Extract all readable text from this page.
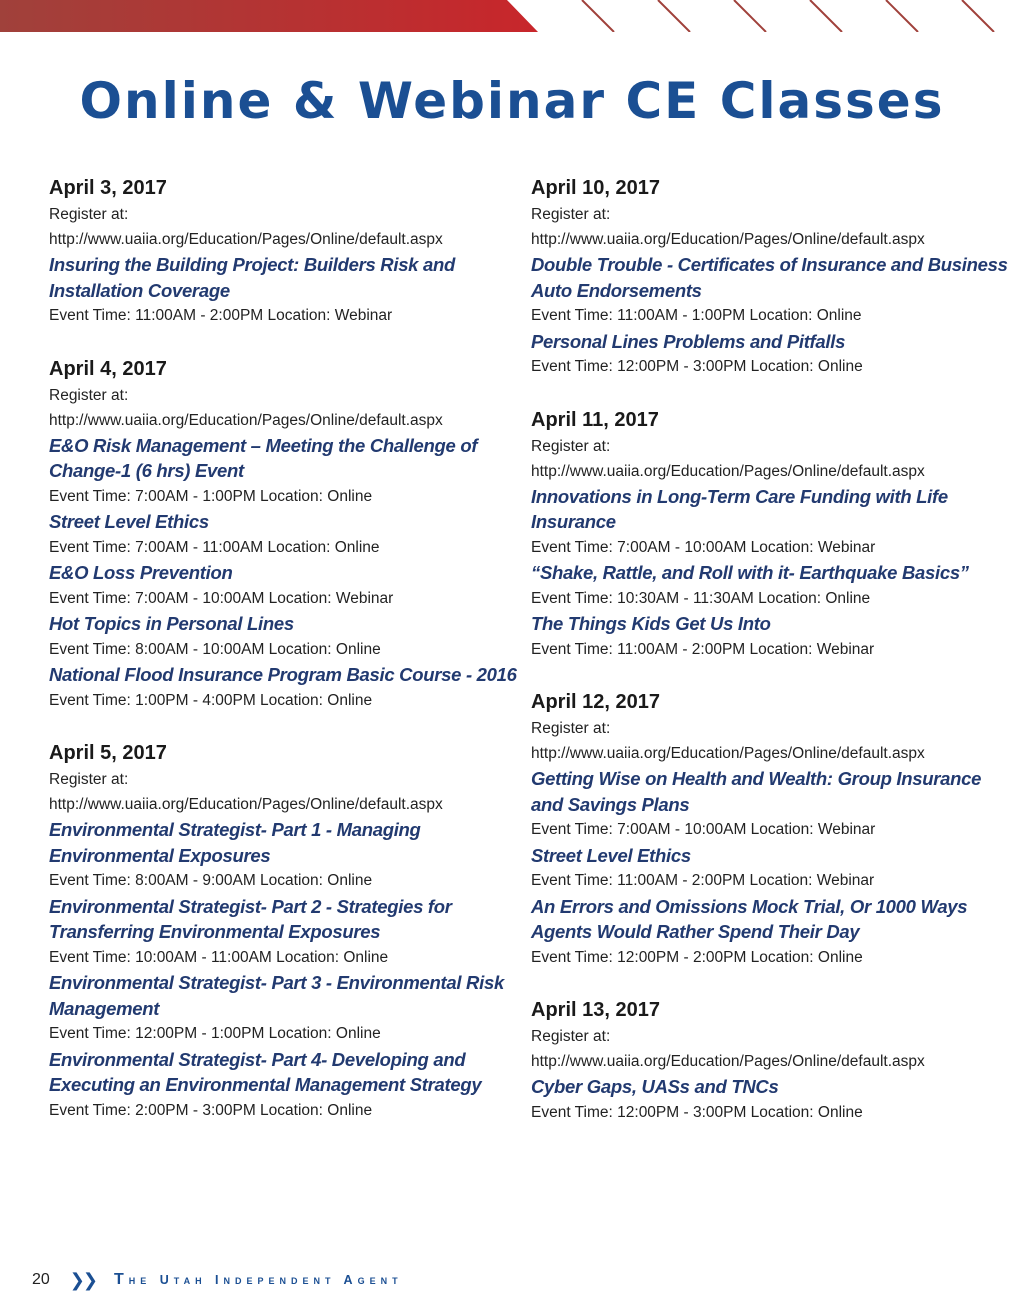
Online & Webinar CE Classes
April 3, 2017
Register at:
http://www.uaiia.org/Education/Pages/Online/default.aspx
Insuring the Building Project: Builders Risk and Installation Coverage
Event Time: 11:00AM - 2:00PM Location: Webinar
April 4, 2017
Register at:
http://www.uaiia.org/Education/Pages/Online/default.aspx
E&O Risk Management – Meeting the Challenge of Change-1 (6 hrs) Event
Event Time: 7:00AM - 1:00PM Location: Online
Street Level Ethics
Event Time: 7:00AM - 11:00AM Location: Online
E&O Loss Prevention
Event Time: 7:00AM - 10:00AM Location: Webinar
Hot Topics in Personal Lines
Event Time: 8:00AM - 10:00AM Location: Online
National Flood Insurance Program Basic Course - 2016
Event Time: 1:00PM - 4:00PM Location: Online
April 5, 2017
Register at:
http://www.uaiia.org/Education/Pages/Online/default.aspx
Environmental Strategist- Part 1 - Managing Environmental Exposures
Event Time: 8:00AM - 9:00AM Location: Online
Environmental Strategist- Part 2 - Strategies for Transferring Environmental Exposures
Event Time: 10:00AM - 11:00AM Location: Online
Environmental Strategist- Part 3 - Environmental Risk Management
Event Time: 12:00PM - 1:00PM Location: Online
Environmental Strategist- Part 4- Developing and Executing an Environmental Management Strategy
Event Time: 2:00PM - 3:00PM Location: Online
April 10, 2017
Register at:
http://www.uaiia.org/Education/Pages/Online/default.aspx
Double Trouble - Certificates of Insurance and Business Auto Endorsements
Event Time: 11:00AM - 1:00PM Location: Online
Personal Lines Problems and Pitfalls
Event Time: 12:00PM - 3:00PM Location: Online
April 11, 2017
Register at:
http://www.uaiia.org/Education/Pages/Online/default.aspx
Innovations in Long-Term Care Funding with Life Insurance
Event Time: 7:00AM - 10:00AM Location: Webinar
“Shake, Rattle, and Roll with it- Earthquake Basics”
Event Time: 10:30AM - 11:30AM Location: Online
The Things Kids Get Us Into
Event Time: 11:00AM - 2:00PM Location: Webinar
April 12, 2017
Register at:
http://www.uaiia.org/Education/Pages/Online/default.aspx
Getting Wise on Health and Wealth: Group Insurance and Savings Plans
Event Time: 7:00AM - 10:00AM Location: Webinar
Street Level Ethics
Event Time: 11:00AM - 2:00PM Location: Webinar
An Errors and Omissions Mock Trial, Or 1000 Ways Agents Would Rather Spend Their Day
Event Time: 12:00PM - 2:00PM Location: Online
April 13, 2017
Register at:
http://www.uaiia.org/Education/Pages/Online/default.aspx
Cyber Gaps, UASs and TNCs
Event Time: 12:00PM - 3:00PM Location: Online
20 ❯❯ The Utah Independent Agent
